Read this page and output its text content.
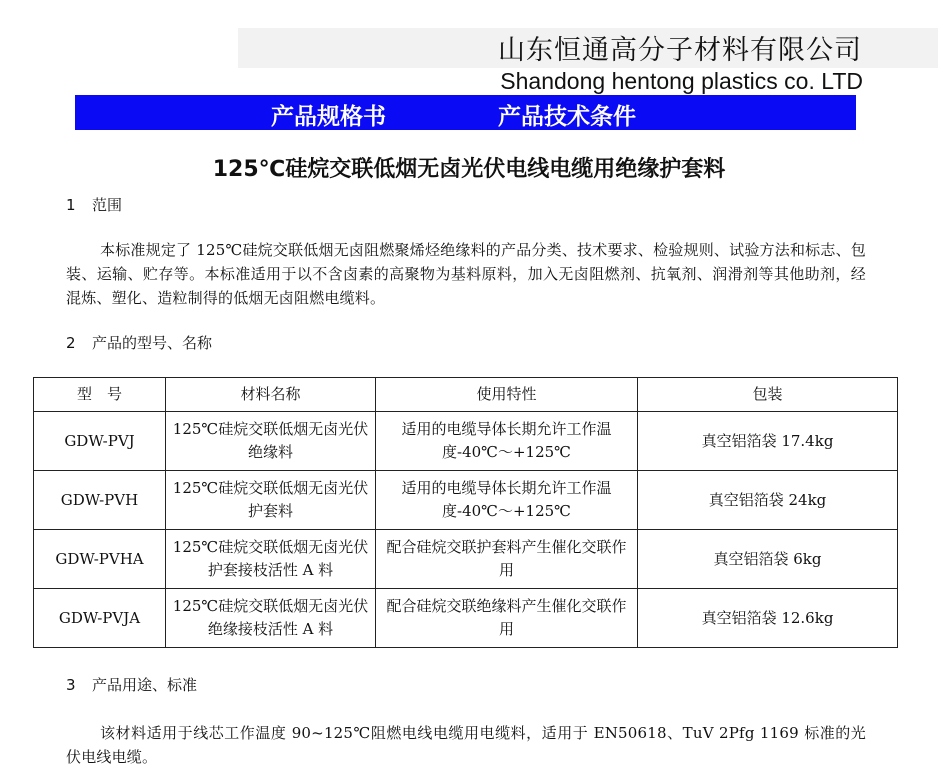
山东恒通高分子材料有限公司
Shandong hentong plastics co. LTD
产品规格书	产品技术条件
125℃硅烷交联低烟无卤光伏电线电缆用绝缘护套料
1 范围
本标准规定了 125℃硅烷交联低烟无卤阻燃聚烯烃绝缘料的产品分类、技术要求、检验规则、试验方法和标志、包装、运输、贮存等。本标准适用于以不含卤素的高聚物为基料原料，加入无卤阻燃剂、抗氧剂、润滑剂等其他助剂，经混炼、塑化、造粒制得的低烟无卤阻燃电缆料。
2 产品的型号、名称
型　号	材料名称	使用特性	包装
GDW-PVJ	125℃硅烷交联低烟无卤光伏绝缘料	适用的电缆导体长期允许工作温度-40℃～+125℃	真空铝箔袋 17.4kg
GDW-PVH	125℃硅烷交联低烟无卤光伏护套料	适用的电缆导体长期允许工作温度-40℃～+125℃	真空铝箔袋 24kg
GDW-PVHA	125℃硅烷交联低烟无卤光伏护套接枝活性 A 料	配合硅烷交联护套料产生催化交联作用	真空铝箔袋 6kg
GDW-PVJA	125℃硅烷交联低烟无卤光伏绝缘接枝活性 A 料	配合硅烷交联绝缘料产生催化交联作用	真空铝箔袋 12.6kg
3 产品用途、标准
该材料适用于线芯工作温度 90~125℃阻燃电线电缆用电缆料，适用于 EN50618、TuV 2Pfg 1169 标准的光伏电线电缆。
